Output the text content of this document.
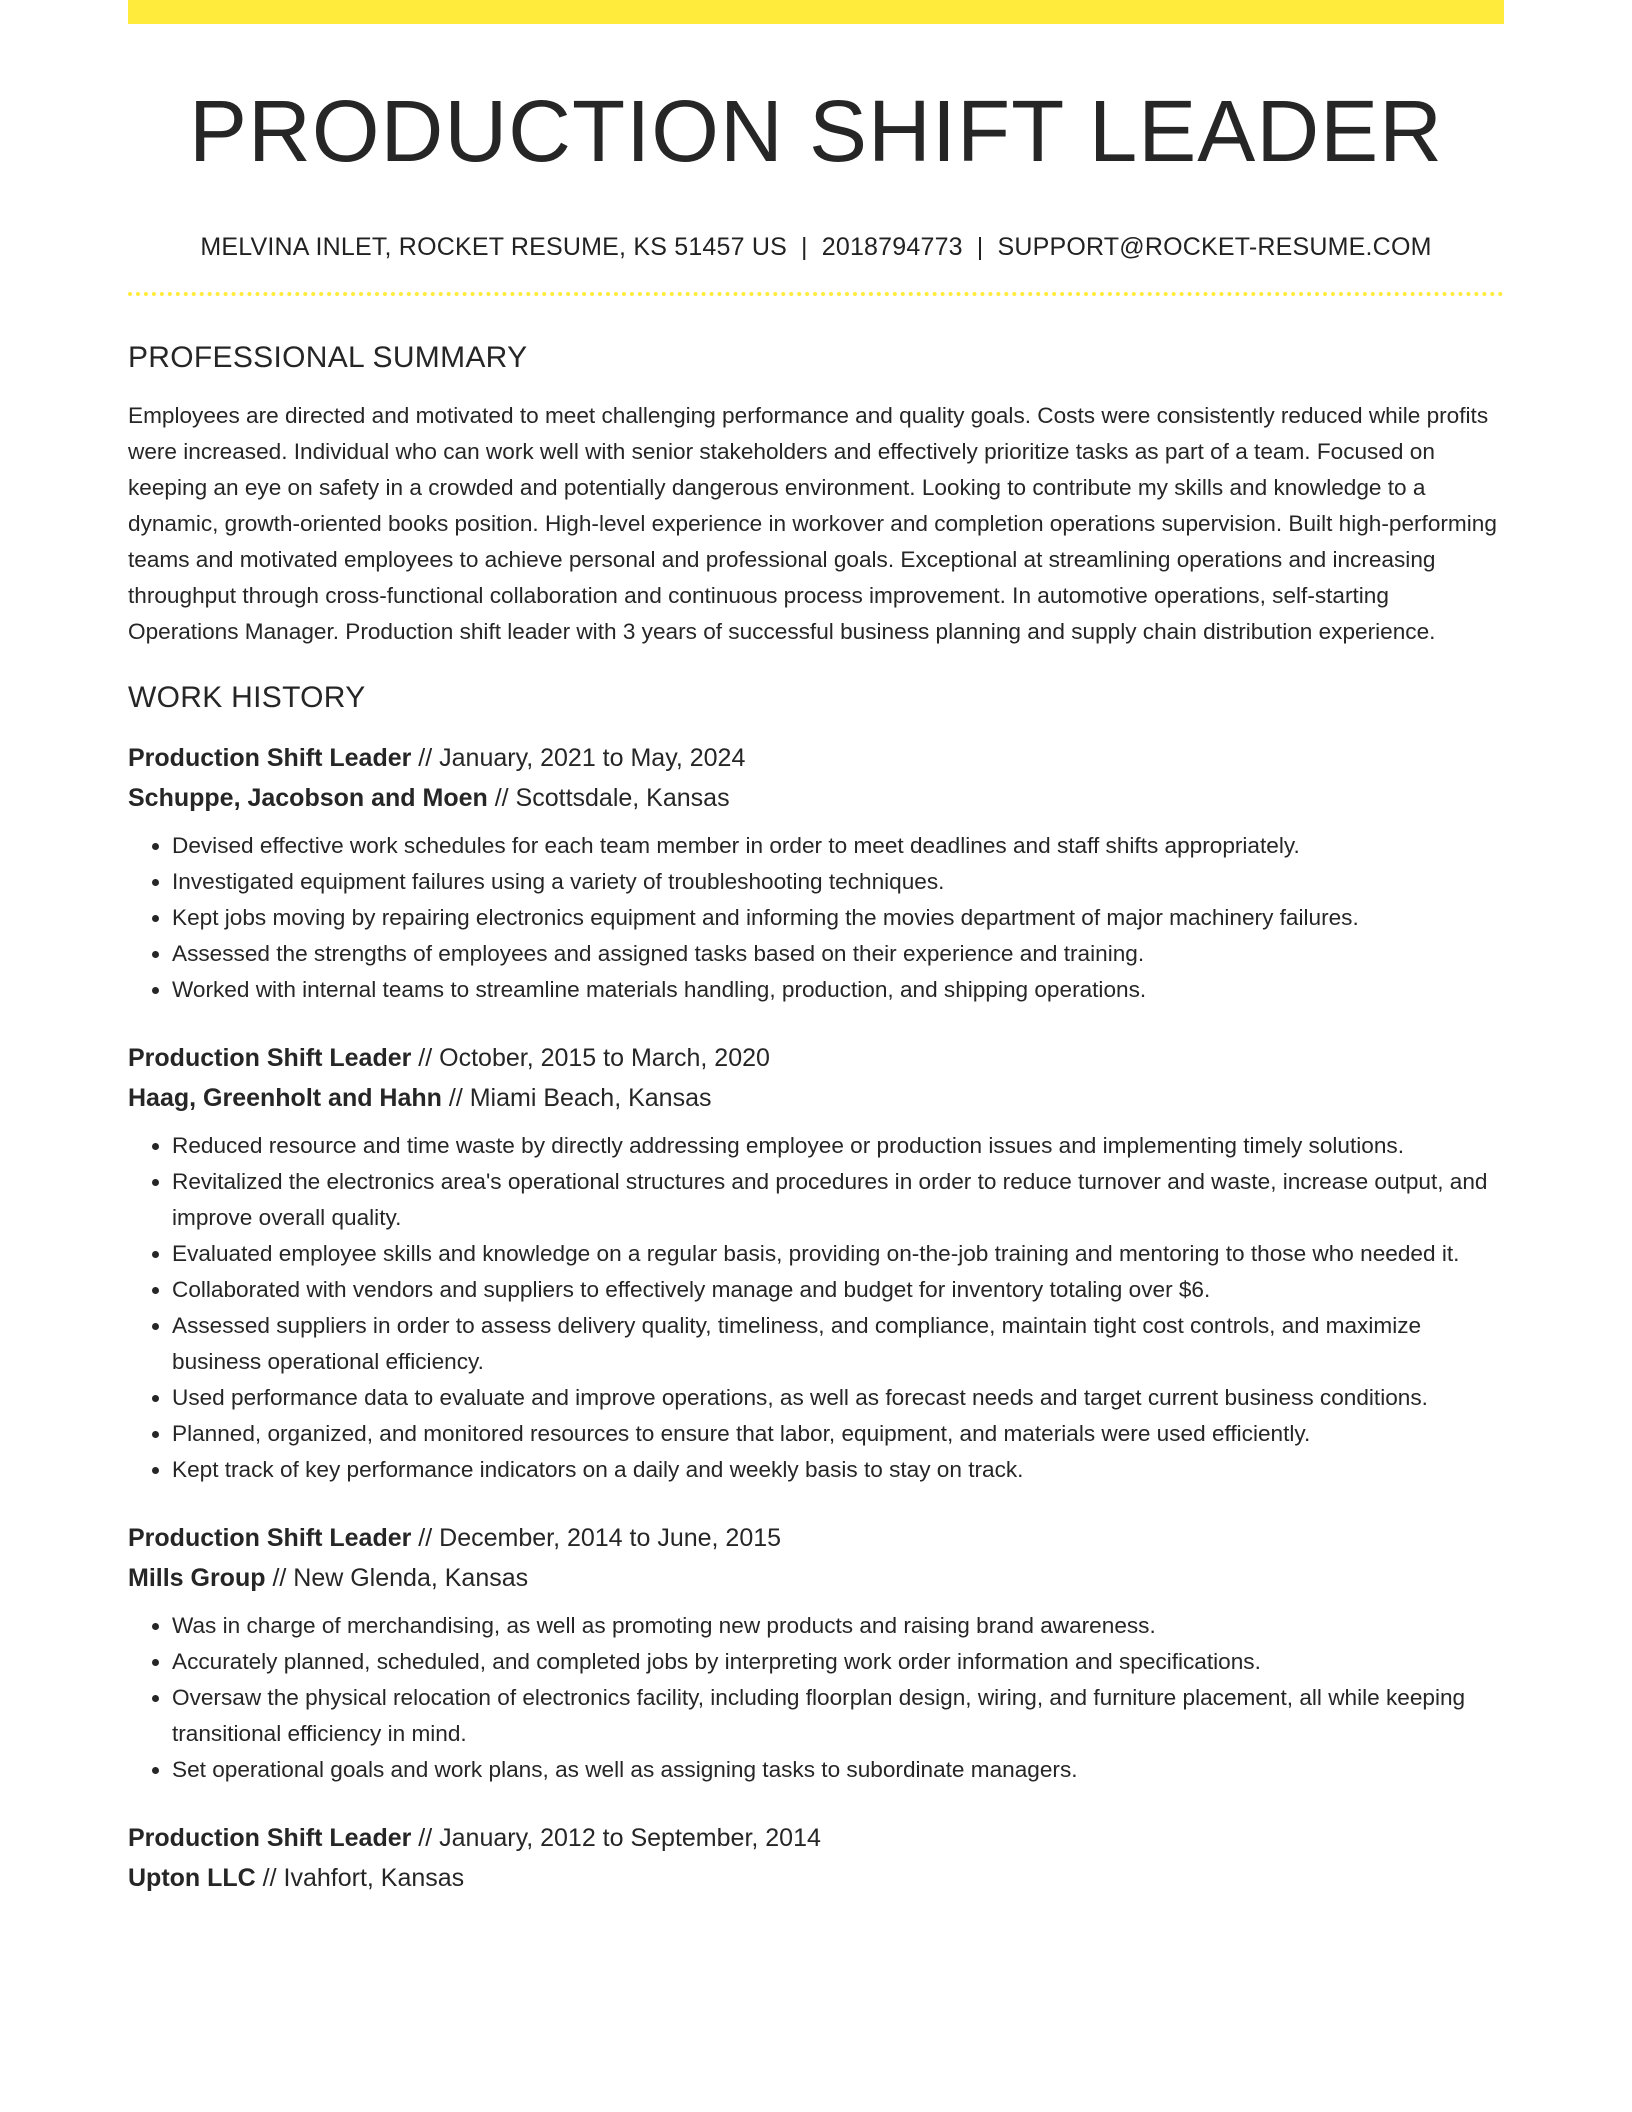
PRODUCTION SHIFT LEADER
MELVINA INLET, ROCKET RESUME, KS 51457 US | 2018794773 | SUPPORT@ROCKET-RESUME.COM
PROFESSIONAL SUMMARY

Employees are directed and motivated to meet challenging performance and quality goals. Costs were consistently reduced while profits were increased. Individual who can work well with senior stakeholders and effectively prioritize tasks as part of a team. Focused on keeping an eye on safety in a crowded and potentially dangerous environment. Looking to contribute my skills and knowledge to a dynamic, growth-oriented books position. High-level experience in workover and completion operations supervision. Built high-performing teams and motivated employees to achieve personal and professional goals. Exceptional at streamlining operations and increasing throughput through cross-functional collaboration and continuous process improvement. In automotive operations, self-starting Operations Manager. Production shift leader with 3 years of successful business planning and supply chain distribution experience.

WORK HISTORY
Production Shift Leader // January, 2021 to May, 2024
Schuppe, Jacobson and Moen // Scottsdale, Kansas
• Devised effective work schedules for each team member in order to meet deadlines and staff shifts appropriately.
• Investigated equipment failures using a variety of troubleshooting techniques.
• Kept jobs moving by repairing electronics equipment and informing the movies department of major machinery failures.
• Assessed the strengths of employees and assigned tasks based on their experience and training.
• Worked with internal teams to streamline materials handling, production, and shipping operations.
Production Shift Leader // October, 2015 to March, 2020
Haag, Greenholt and Hahn // Miami Beach, Kansas
• Reduced resource and time waste by directly addressing employee or production issues and implementing timely solutions.
• Revitalized the electronics area's operational structures and procedures in order to reduce turnover and waste, increase output, and improve overall quality.
• Evaluated employee skills and knowledge on a regular basis, providing on-the-job training and mentoring to those who needed it.
• Collaborated with vendors and suppliers to effectively manage and budget for inventory totaling over $6.
• Assessed suppliers in order to assess delivery quality, timeliness, and compliance, maintain tight cost controls, and maximize business operational efficiency.
• Used performance data to evaluate and improve operations, as well as forecast needs and target current business conditions.
• Planned, organized, and monitored resources to ensure that labor, equipment, and materials were used efficiently.
• Kept track of key performance indicators on a daily and weekly basis to stay on track.
Production Shift Leader // December, 2014 to June, 2015
Mills Group // New Glenda, Kansas
• Was in charge of merchandising, as well as promoting new products and raising brand awareness.
• Accurately planned, scheduled, and completed jobs by interpreting work order information and specifications.
• Oversaw the physical relocation of electronics facility, including floorplan design, wiring, and furniture placement, all while keeping transitional efficiency in mind.
• Set operational goals and work plans, as well as assigning tasks to subordinate managers.
Production Shift Leader // January, 2012 to September, 2014
Upton LLC // Ivahfort, Kansas
